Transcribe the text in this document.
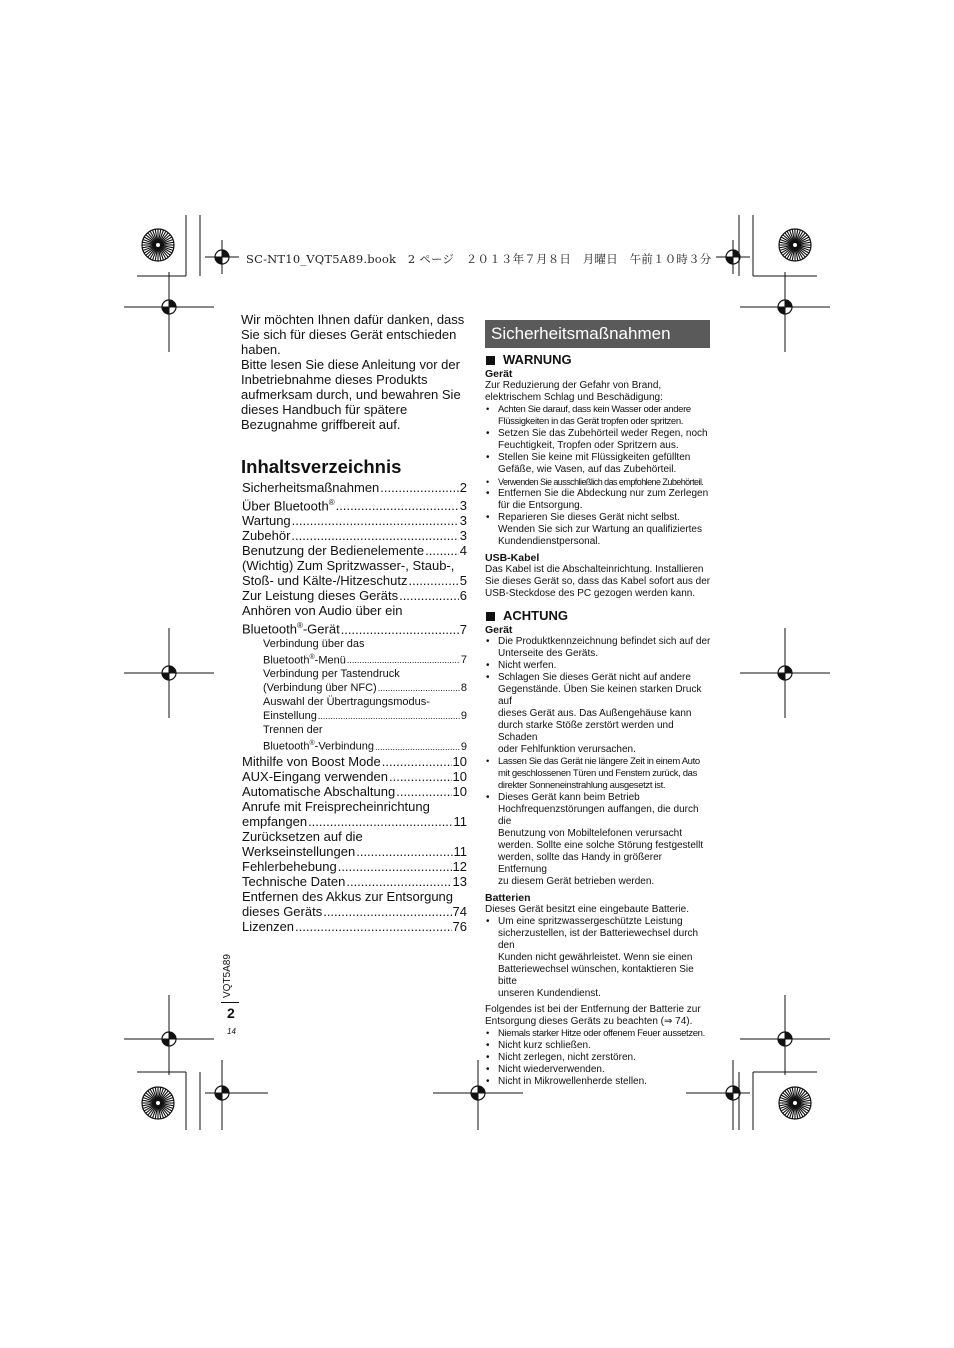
SC-NT10_VQT5A89.book　2 ページ　２０１３年７月８日　月曜日　午前１０時３分
Wir möchten Ihnen dafür danken, dass
Sie sich für dieses Gerät entschieden
haben.
Bitte lesen Sie diese Anleitung vor der
Inbetriebnahme dieses Produkts
aufmerksam durch, und bewahren Sie
dieses Handbuch für spätere
Bezugnahme griffbereit auf.
Inhaltsverzeichnis
Sicherheitsmaßnahmen .....	2
Über Bluetooth® .....	3
Wartung .....	3
Zubehör .....	3
Benutzung der Bedienelemente .....	4
(Wichtig) Zum Spritzwasser-, Staub-,
Stoß- und Kälte-/Hitzeschutz .....	5
Zur Leistung dieses Geräts .....	6
Anhören von Audio über ein
Bluetooth®-Gerät .....	7
Verbindung über das
Bluetooth®-Menü .....	7
Verbindung per Tastendruck
(Verbindung über NFC) .....	8
Auswahl der Übertragungsmodus-
Einstellung .....	9
Trennen der
Bluetooth®-Verbindung .....	9
Mithilfe von Boost Mode .....	10
AUX-Eingang verwenden .....	10
Automatische Abschaltung .....	10
Anrufe mit Freisprecheinrichtung
empfangen .....	11
Zurücksetzen auf die
Werkseinstellungen .....	11
Fehlerbehebung .....	12
Technische Daten .....	13
Entfernen des Akkus zur Entsorgung
dieses Geräts .....	74
Lizenzen .....	76
VQT5A89
2
14
Sicherheitsmaßnahmen
WARNUNG
Gerät

Zur Reduzierung der Gefahr von Brand,
elektrischem Schlag und Beschädigung:

• Achten Sie darauf, dass kein Wasser oder andere
Flüssigkeiten in das Gerät tropfen oder spritzen.
• Setzen Sie das Zubehörteil weder Regen, noch
Feuchtigkeit, Tropfen oder Spritzern aus.
• Stellen Sie keine mit Flüssigkeiten gefüllten
Gefäße, wie Vasen, auf das Zubehörteil.
• Verwenden Sie ausschließlich das empfohlene Zubehörteil.
• Entfernen Sie die Abdeckung nur zum Zerlegen
für die Entsorgung.
• Reparieren Sie dieses Gerät nicht selbst.
Wenden Sie sich zur Wartung an qualifiziertes
Kundendienstpersonal.
USB-Kabel

Das Kabel ist die Abschalteinrichtung. Installieren
Sie dieses Gerät so, dass das Kabel sofort aus der
USB-Steckdose des PC gezogen werden kann.

ACHTUNG
Gerät
• Die Produktkennzeichnung befindet sich auf der
Unterseite des Geräts.
• Nicht werfen.
• Schlagen Sie dieses Gerät nicht auf andere
Gegenstände. Üben Sie keinen starken Druck auf
dieses Gerät aus. Das Außengehäuse kann
durch starke Stöße zerstört werden und Schaden
oder Fehlfunktion verursachen.
• Lassen Sie das Gerät nie längere Zeit in einem Auto
mit geschlossenen Türen und Fenstern zurück, das
direkter Sonneneinstrahlung ausgesetzt ist.
• Dieses Gerät kann beim Betrieb
Hochfrequenzstörungen auffangen, die durch die
Benutzung von Mobiltelefonen verursacht
werden. Sollte eine solche Störung festgestellt
werden, sollte das Handy in größerer Entfernung
zu diesem Gerät betrieben werden.
Batterien

Dieses Gerät besitzt eine eingebaute Batterie.

• Um eine spritzwassergeschützte Leistung
sicherzustellen, ist der Batteriewechsel durch den
Kunden nicht gewährleistet. Wenn sie einen
Batteriewechsel wünschen, kontaktieren Sie bitte
unseren Kundendienst.

Folgendes ist bei der Entfernung der Batterie zur
Entsorgung dieses Geräts zu beachten (⇒ 74).

• Niemals starker Hitze oder offenem Feuer aussetzen.
• Nicht kurz schließen.
• Nicht zerlegen, nicht zerstören.
• Nicht wiederverwenden.
• Nicht in Mikrowellenherde stellen.
